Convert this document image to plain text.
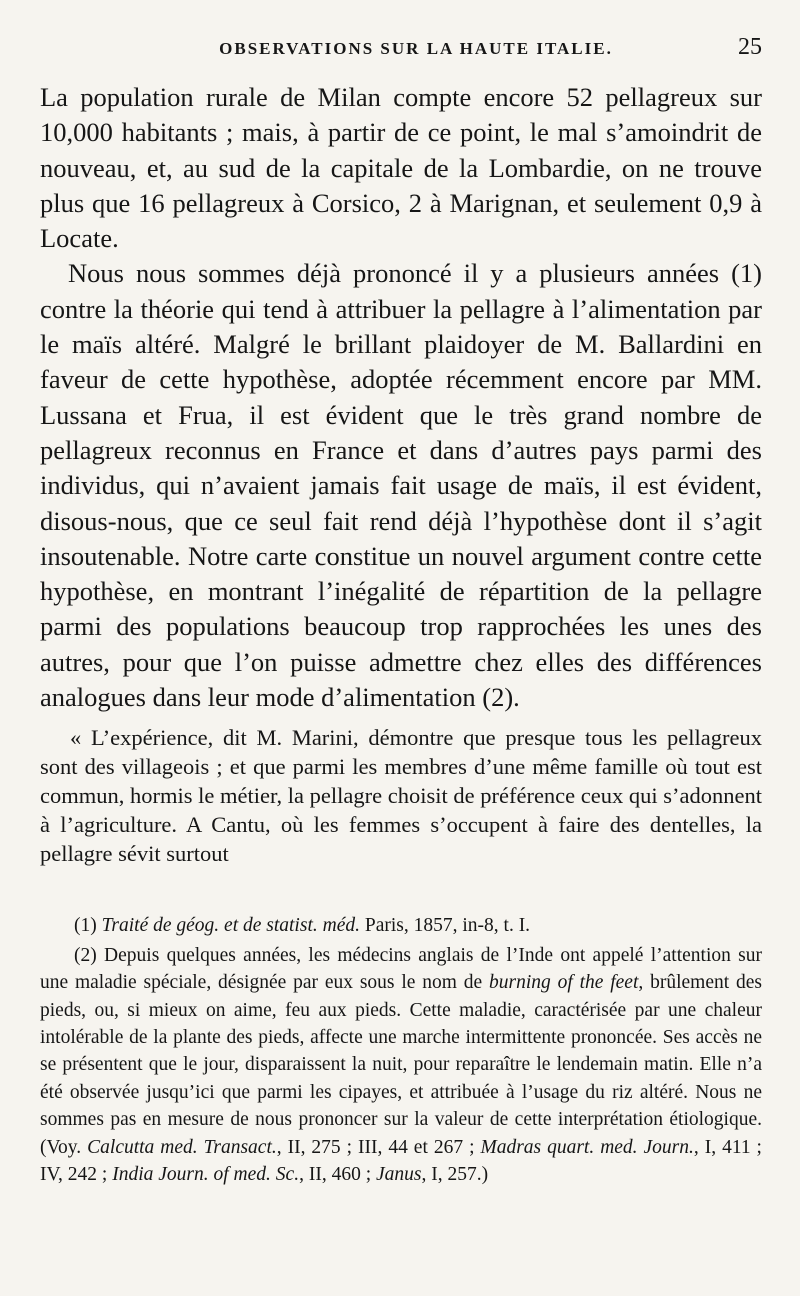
OBSERVATIONS SUR LA HAUTE ITALIE.	25

La population rurale de Milan compte encore 52 pellagreux sur 10,000 habitants ; mais, à partir de ce point, le mal s’amoindrit de nouveau, et, au sud de la capitale de la Lombardie, on ne trouve plus que 16 pellagreux à Corsico, 2 à Marignan, et seulement 0,9 à Locate.

Nous nous sommes déjà prononcé il y a plusieurs années (1) contre la théorie qui tend à attribuer la pellagre à l’alimentation par le maïs altéré. Malgré le brillant plaidoyer de M. Ballardini en faveur de cette hypothèse, adoptée récemment encore par MM. Lussana et Frua, il est évident que le très grand nombre de pellagreux reconnus en France et dans d’autres pays parmi des individus, qui n’avaient jamais fait usage de maïs, il est évident, disous-nous, que ce seul fait rend déjà l’hypothèse dont il s’agit insoutenable. Notre carte constitue un nouvel argument contre cette hypothèse, en montrant l’inégalité de répartition de la pellagre parmi des populations beaucoup trop rapprochées les unes des autres, pour que l’on puisse admettre chez elles des différences analogues dans leur mode d’alimentation (2).

« L’expérience, dit M. Marini, démontre que presque tous les pellagreux sont des villageois ; et que parmi les membres d’une même famille où tout est commun, hormis le métier, la pellagre choisit de préférence ceux qui s’adonnent à l’agriculture. A Cantu, où les femmes s’occupent à faire des dentelles, la pellagre sévit surtout

(1) Traité de géog. et de statist. méd. Paris, 1857, in-8, t. I.

(2) Depuis quelques années, les médecins anglais de l’Inde ont appelé l’attention sur une maladie spéciale, désignée par eux sous le nom de burning of the feet, brûlement des pieds, ou, si mieux on aime, feu aux pieds. Cette maladie, caractérisée par une chaleur intolérable de la plante des pieds, affecte une marche intermittente prononcée. Ses accès ne se présentent que le jour, disparaissent la nuit, pour reparaître le lendemain matin. Elle n’a été observée jusqu’ici que parmi les cipayes, et attribuée à l’usage du riz altéré. Nous ne sommes pas en mesure de nous prononcer sur la valeur de cette interprétation étiologique. (Voy. Calcutta med. Transact., II, 275 ; III, 44 et 267 ; Madras quart. med. Journ., I, 411 ; IV, 242 ; India Journ. of med. Sc., II, 460 ; Janus, I, 257.)
